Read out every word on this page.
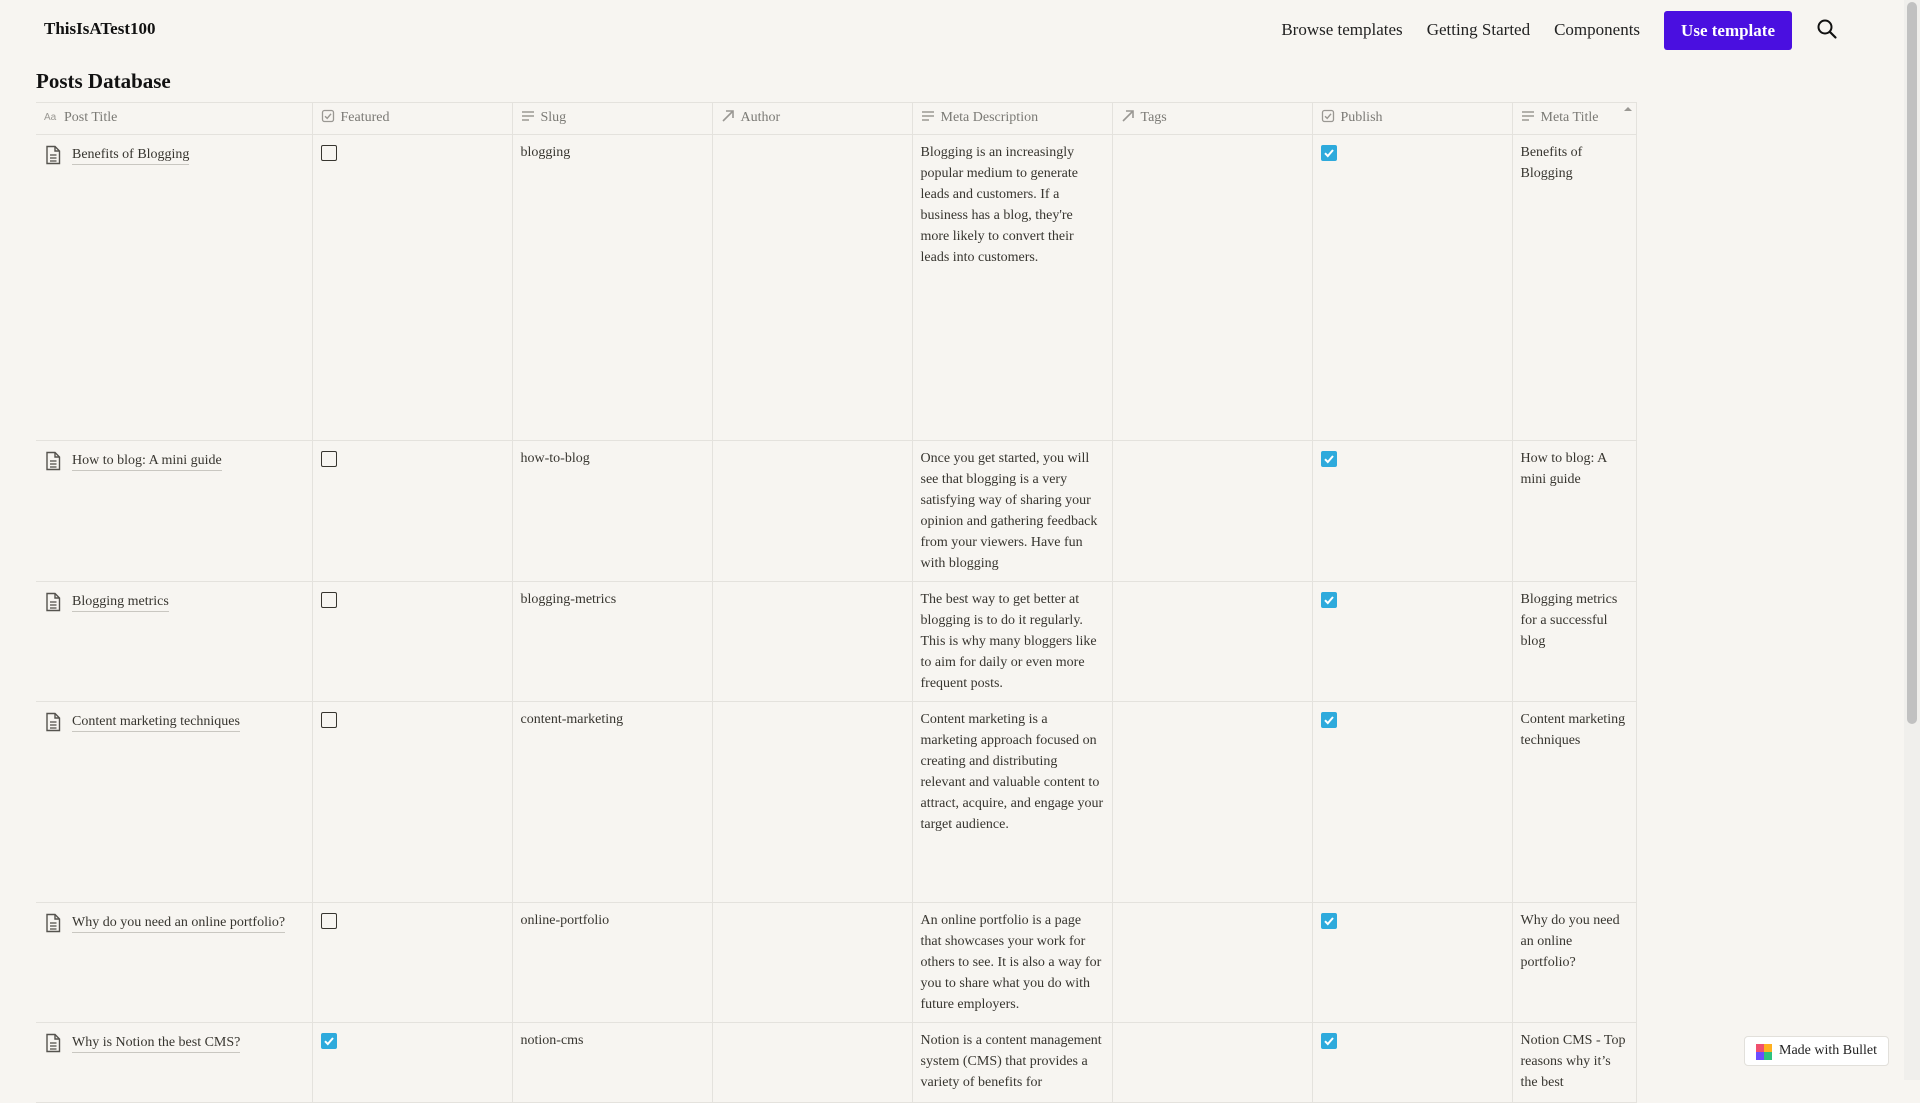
ThisIsATest100	Browse templates Getting Started Components	Use template
Posts Database
Aa Post Title	Featured	Slug	Author	Meta Description	Tags	Publish	Meta Title

Benefits of Blogging		blogging		Blogging is an increasingly popular medium to generate leads and customers. If a business has a blog, they're more likely to convert their leads into customers.			Benefits of Blogging

How to blog: A mini guide		how-to-blog		Once you get started, you will see that blogging is a very satisfying way of sharing your opinion and gathering feedback from your viewers. Have fun with blogging			How to blog: A mini guide

Blogging metrics		blogging-metrics		The best way to get better at blogging is to do it regularly. This is why many bloggers like to aim for daily or even more frequent posts.			Blogging metrics for a successful blog

Content marketing techniques		content-marketing		Content marketing is a marketing approach focused on creating and distributing relevant and valuable content to attract, acquire, and engage your target audience.			Content marketing techniques

Why do you need an online portfolio?		online-portfolio		An online portfolio is a page that showcases your work for others to see. It is also a way for you to share what you do with future employers.			Why do you need an online portfolio?

Why is Notion the best CMS?		notion-cms		Notion is a content management system (CMS) that provides a variety of benefits for			Notion CMS - Top reasons why it’s the best
Made with Bullet
